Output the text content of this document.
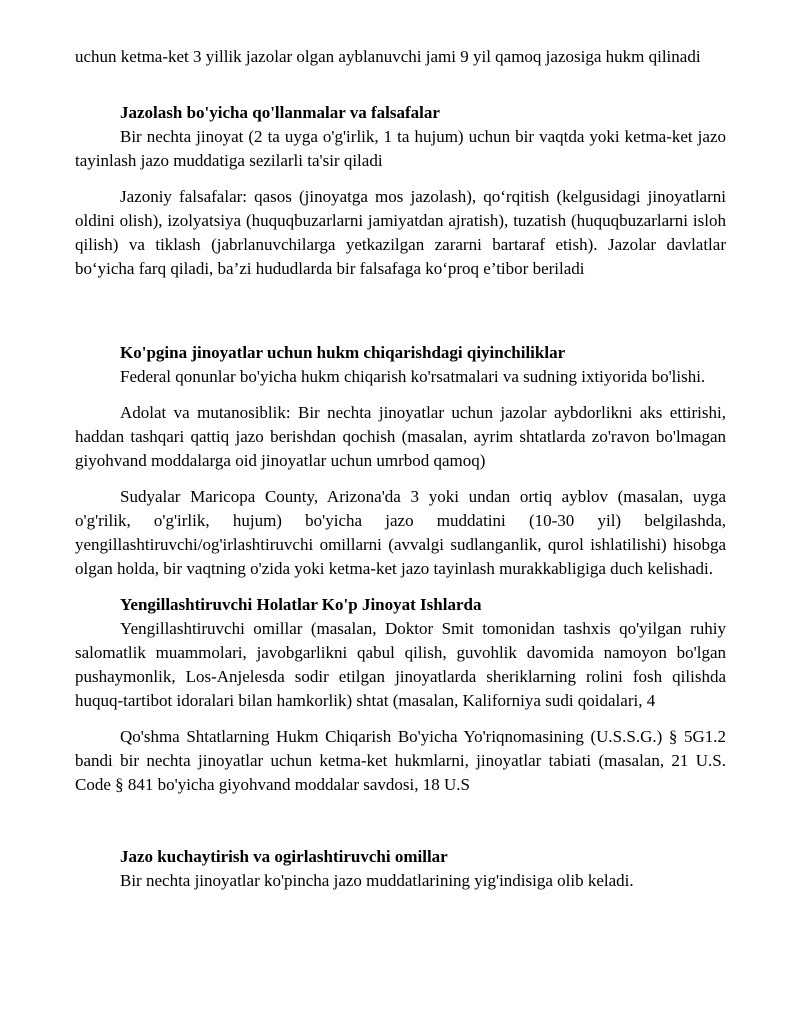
uchun ketma-ket 3 yillik jazolar olgan ayblanuvchi jami 9 yil qamoq jazosiga hukm qilinadi

Jazolash bo'yicha qo'llanmalar va falsafalar

Bir nechta jinoyat (2 ta uyga o'g'irlik, 1 ta hujum) uchun bir vaqtda yoki ketma-ket jazo tayinlash jazo muddatiga sezilarli ta'sir qiladi

Jazoniy falsafalar: qasos (jinoyatga mos jazolash), qo‘rqitish (kelgusidagi jinoyatlarni oldini olish), izolyatsiya (huquqbuzarlarni jamiyatdan ajratish), tuzatish (huquqbuzarlarni isloh qilish) va tiklash (jabrlanuvchilarga yetkazilgan zararni bartaraf etish). Jazolar davlatlar bo‘yicha farq qiladi, ba’zi hududlarda bir falsafaga ko‘proq e’tibor beriladi

Ko'pgina jinoyatlar uchun hukm chiqarishdagi qiyinchiliklar

Federal qonunlar bo'yicha hukm chiqarish ko'rsatmalari va sudning ixtiyorida bo'lishi.

Adolat va mutanosiblik: Bir nechta jinoyatlar uchun jazolar aybdorlikni aks ettirishi, haddan tashqari qattiq jazo berishdan qochish (masalan, ayrim shtatlarda zo'ravon bo'lmagan giyohvand moddalarga oid jinoyatlar uchun umrbod qamoq)

Sudyalar Maricopa County, Arizona'da 3 yoki undan ortiq ayblov (masalan, uyga o'g'rilik, o'g'irlik, hujum) bo'yicha jazo muddatini (10-30 yil) belgilashda, yengillashtiruvchi/og'irlashtiruvchi omillarni (avvalgi sudlanganlik, qurol ishlatilishi) hisobga olgan holda, bir vaqtning o'zida yoki ketma-ket jazo tayinlash murakkabligiga duch kelishadi.

Yengillashtiruvchi Holatlar Ko'p Jinoyat Ishlarda

Yengillashtiruvchi omillar (masalan, Doktor Smit tomonidan tashxis qo'yilgan ruhiy salomatlik muammolari, javobgarlikni qabul qilish, guvohlik davomida namoyon bo'lgan pushaymonlik, Los-Anjelesda sodir etilgan jinoyatlarda sheriklarning rolini fosh qilishda huquq-tartibot idoralari bilan hamkorlik) shtat (masalan, Kaliforniya sudi qoidalari, 4

Qo'shma Shtatlarning Hukm Chiqarish Bo'yicha Yo'riqnomasining (U.S.S.G.) § 5G1.2 bandi bir nechta jinoyatlar uchun ketma-ket hukmlarni, jinoyatlar tabiati (masalan, 21 U.S. Code § 841 bo'yicha giyohvand moddalar savdosi, 18 U.S

Jazo kuchaytirish va ogirlashtiruvchi omillar

Bir nechta jinoyatlar ko'pincha jazo muddatlarining yig'indisiga olib keladi.
